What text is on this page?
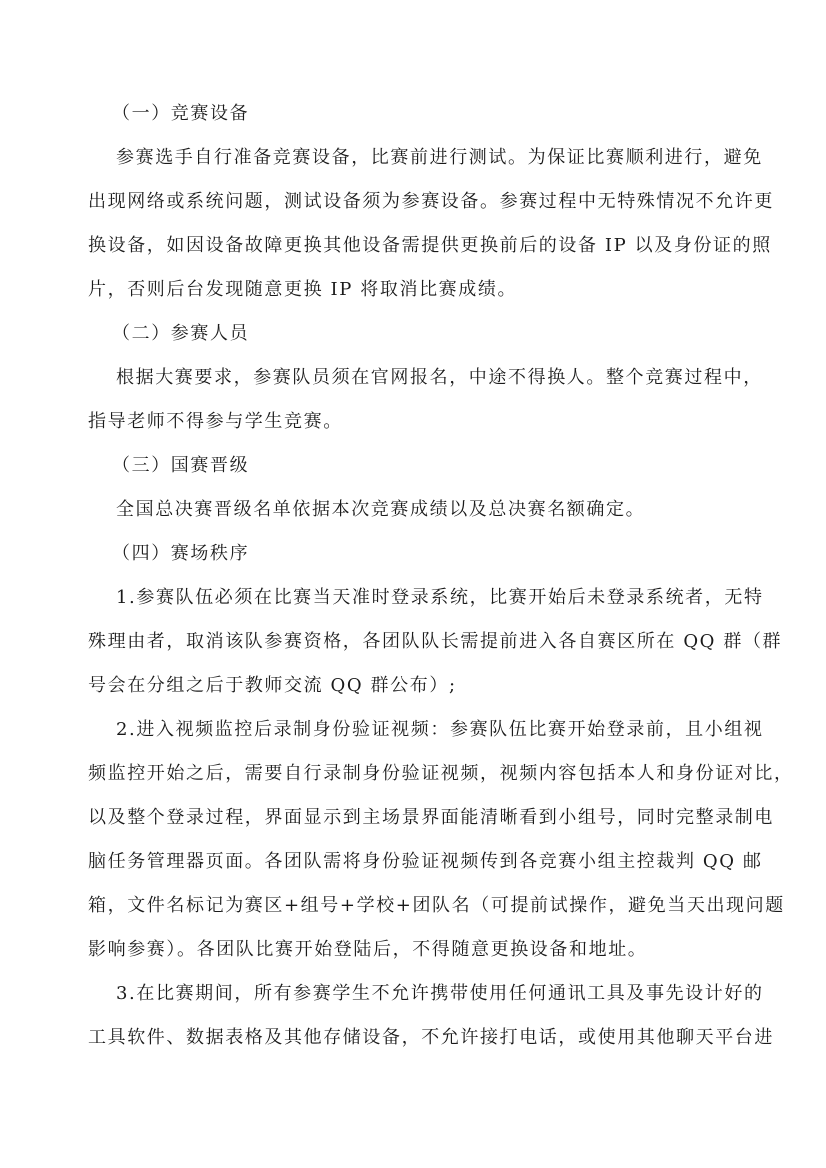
（一）竞赛设备
参赛选手自行准备竞赛设备，比赛前进行测试。为保证比赛顺利进行，避免
出现网络或系统问题，测试设备须为参赛设备。参赛过程中无特殊情况不允许更
换设备，如因设备故障更换其他设备需提供更换前后的设备 IP 以及身份证的照
片，否则后台发现随意更换 IP 将取消比赛成绩。
（二）参赛人员
根据大赛要求，参赛队员须在官网报名，中途不得换人。整个竞赛过程中，
指导老师不得参与学生竞赛。
（三）国赛晋级
全国总决赛晋级名单依据本次竞赛成绩以及总决赛名额确定。
（四）赛场秩序
1.参赛队伍必须在比赛当天准时登录系统，比赛开始后未登录系统者，无特
殊理由者，取消该队参赛资格，各团队队长需提前进入各自赛区所在 QQ 群（群
号会在分组之后于教师交流 QQ 群公布）;
2.进入视频监控后录制身份验证视频：参赛队伍比赛开始登录前，且小组视
频监控开始之后，需要自行录制身份验证视频，视频内容包括本人和身份证对比，
以及整个登录过程，界面显示到主场景界面能清晰看到小组号，同时完整录制电
脑任务管理器页面。各团队需将身份验证视频传到各竞赛小组主控裁判 QQ 邮
箱，文件名标记为赛区+组号+学校+团队名（可提前试操作，避免当天出现问题
影响参赛）。各团队比赛开始登陆后，不得随意更换设备和地址。
3.在比赛期间，所有参赛学生不允许携带使用任何通讯工具及事先设计好的
工具软件、数据表格及其他存储设备，不允许接打电话，或使用其他聊天平台进
